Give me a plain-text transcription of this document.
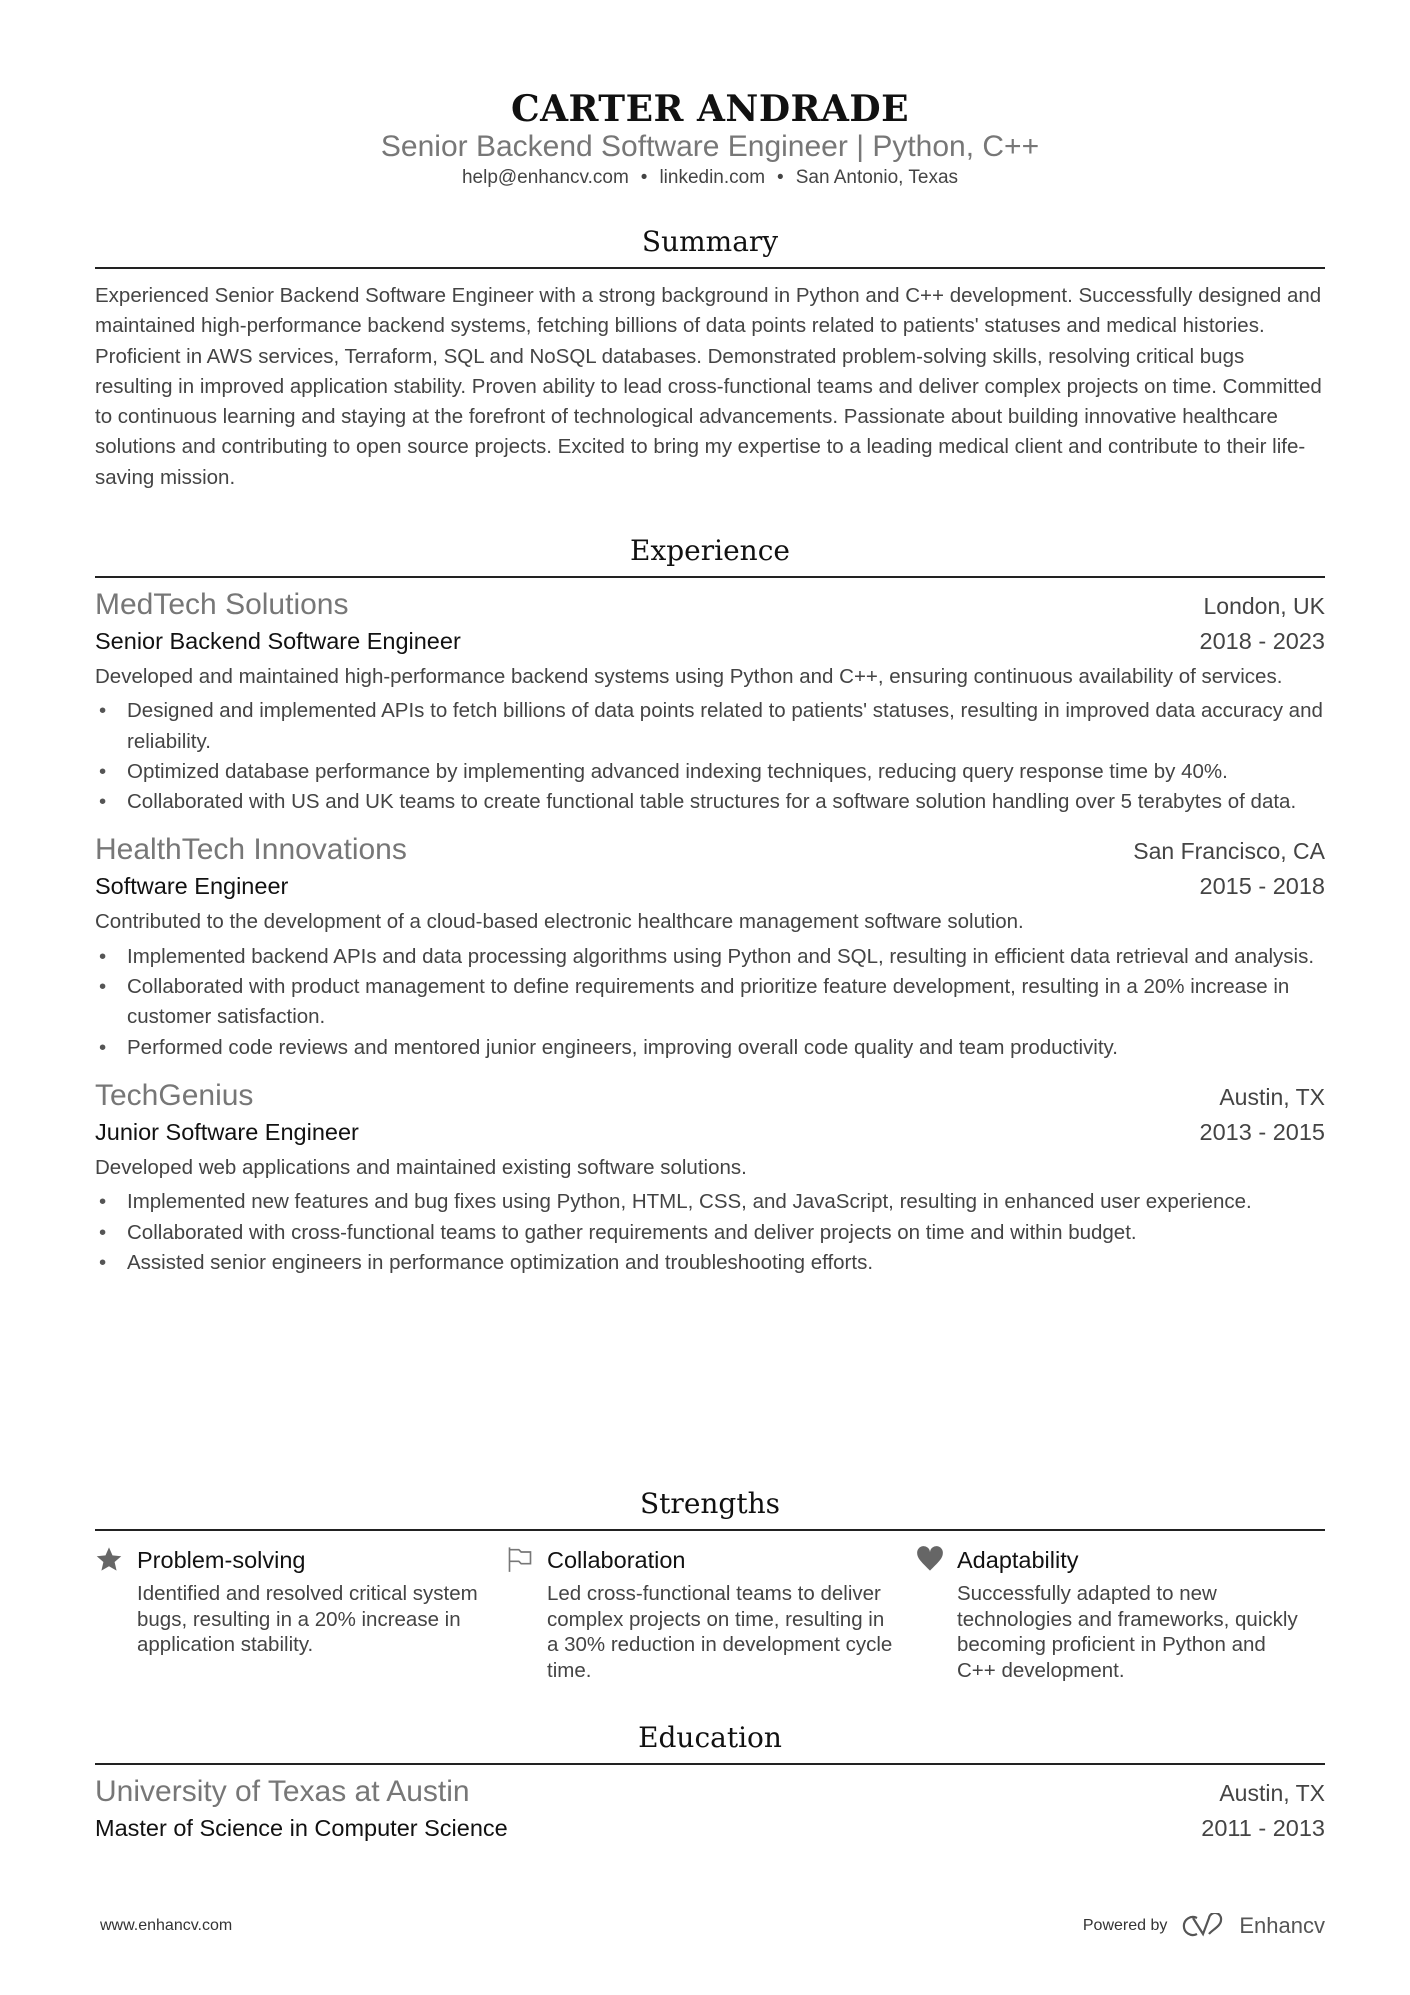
CARTER ANDRADE
Senior Backend Software Engineer | Python, C++
help@enhancv.com • linkedin.com • San Antonio, Texas
Summary
Experienced Senior Backend Software Engineer with a strong background in Python and C++ development. Successfully designed and maintained high-performance backend systems, fetching billions of data points related to patients' statuses and medical histories. Proficient in AWS services, Terraform, SQL and NoSQL databases. Demonstrated problem-solving skills, resolving critical bugs resulting in improved application stability. Proven ability to lead cross-functional teams and deliver complex projects on time. Committed to continuous learning and staying at the forefront of technological advancements. Passionate about building innovative healthcare solutions and contributing to open source projects. Excited to bring my expertise to a leading medical client and contribute to their life-saving mission.
Experience
MedTech Solutions	London, UK
Senior Backend Software Engineer	2018 - 2023
Developed and maintained high-performance backend systems using Python and C++, ensuring continuous availability of services.
• Designed and implemented APIs to fetch billions of data points related to patients' statuses, resulting in improved data accuracy and reliability.
• Optimized database performance by implementing advanced indexing techniques, reducing query response time by 40%.
• Collaborated with US and UK teams to create functional table structures for a software solution handling over 5 terabytes of data.
HealthTech Innovations	San Francisco, CA
Software Engineer	2015 - 2018
Contributed to the development of a cloud-based electronic healthcare management software solution.
• Implemented backend APIs and data processing algorithms using Python and SQL, resulting in efficient data retrieval and analysis.
• Collaborated with product management to define requirements and prioritize feature development, resulting in a 20% increase in customer satisfaction.
• Performed code reviews and mentored junior engineers, improving overall code quality and team productivity.
TechGenius	Austin, TX
Junior Software Engineer	2013 - 2015
Developed web applications and maintained existing software solutions.
• Implemented new features and bug fixes using Python, HTML, CSS, and JavaScript, resulting in enhanced user experience.
• Collaborated with cross-functional teams to gather requirements and deliver projects on time and within budget.
• Assisted senior engineers in performance optimization and troubleshooting efforts.
Strengths
Problem-solving
Identified and resolved critical system bugs, resulting in a 20% increase in application stability.
Collaboration
Led cross-functional teams to deliver complex projects on time, resulting in a 30% reduction in development cycle time.
Adaptability
Successfully adapted to new technologies and frameworks, quickly becoming proficient in Python and C++ development.
Education
University of Texas at Austin	Austin, TX
Master of Science in Computer Science	2011 - 2013
www.enhancv.com	Powered by	Enhancv
